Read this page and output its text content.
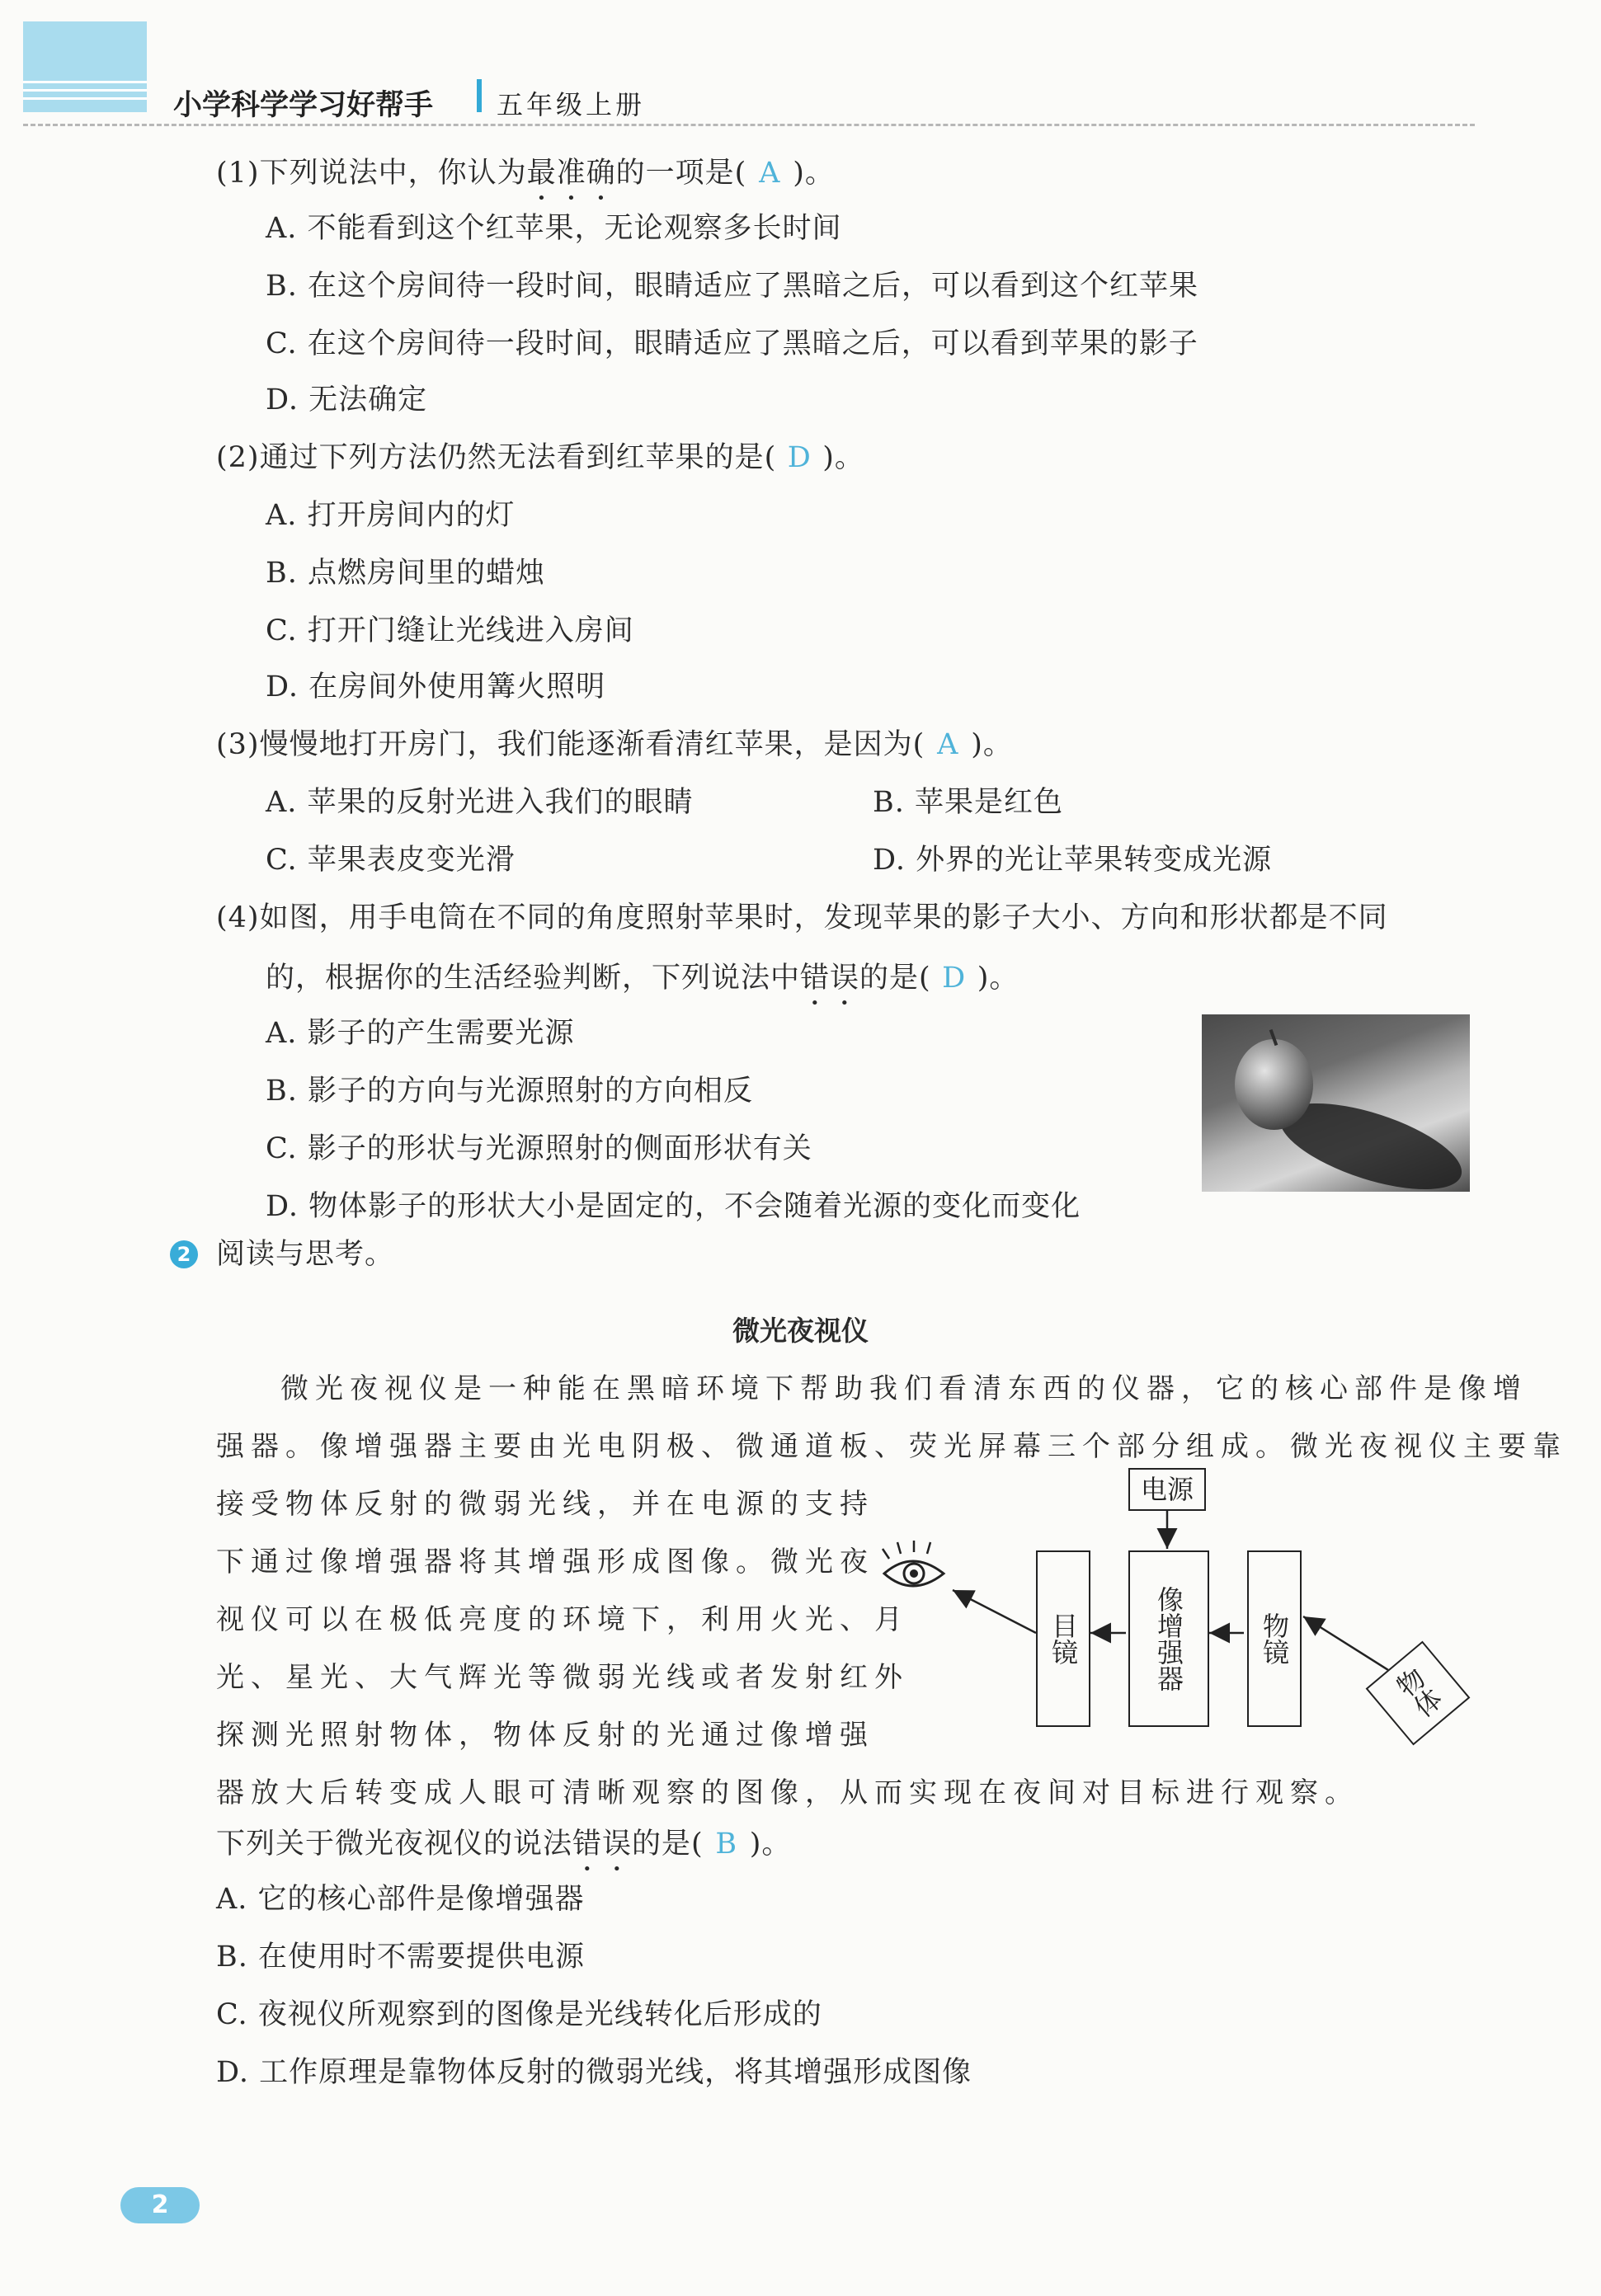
小学科学学习好帮手 五年级上册
(1)下列说法中，你认为最准确的一项是( A )。
A. 不能看到这个红苹果，无论观察多长时间
B. 在这个房间待一段时间，眼睛适应了黑暗之后，可以看到这个红苹果
C. 在这个房间待一段时间，眼睛适应了黑暗之后，可以看到苹果的影子
D. 无法确定
(2)通过下列方法仍然无法看到红苹果的是( D )。
A. 打开房间内的灯
B. 点燃房间里的蜡烛
C. 打开门缝让光线进入房间
D. 在房间外使用篝火照明
(3)慢慢地打开房门，我们能逐渐看清红苹果，是因为( A )。
A. 苹果的反射光进入我们的眼睛	B. 苹果是红色
C. 苹果表皮变光滑	D. 外界的光让苹果转变成光源
(4)如图，用手电筒在不同的角度照射苹果时，发现苹果的影子大小、方向和形状都是不同
的，根据你的生活经验判断，下列说法中错误的是( D )。
A. 影子的产生需要光源
B. 影子的方向与光源照射的方向相反
C. 影子的形状与光源照射的侧面形状有关
D. 物体影子的形状大小是固定的，不会随着光源的变化而变化
2 阅读与思考。
微光夜视仪
微光夜视仪是一种能在黑暗环境下帮助我们看清东西的仪器，它的核心部件是像增
强器。像增强器主要由光电阴极、微通道板、荧光屏幕三个部分组成。微光夜视仪主要靠
接受物体反射的微弱光线，并在电源的支持
下通过像增强器将其增强形成图像。微光夜
视仪可以在极低亮度的环境下，利用火光、月
光、星光、大气辉光等微弱光线或者发射红外
探测光照射物体，物体反射的光通过像增强
器放大后转变成人眼可清晰观察的图像，从而实现在夜间对目标进行观察。
电源
目镜	像增强器	物镜
物体
下列关于微光夜视仪的说法错误的是( B )。
A. 它的核心部件是像增强器
B. 在使用时不需要提供电源
C. 夜视仪所观察到的图像是光线转化后形成的
D. 工作原理是靠物体反射的微弱光线，将其增强形成图像
2
